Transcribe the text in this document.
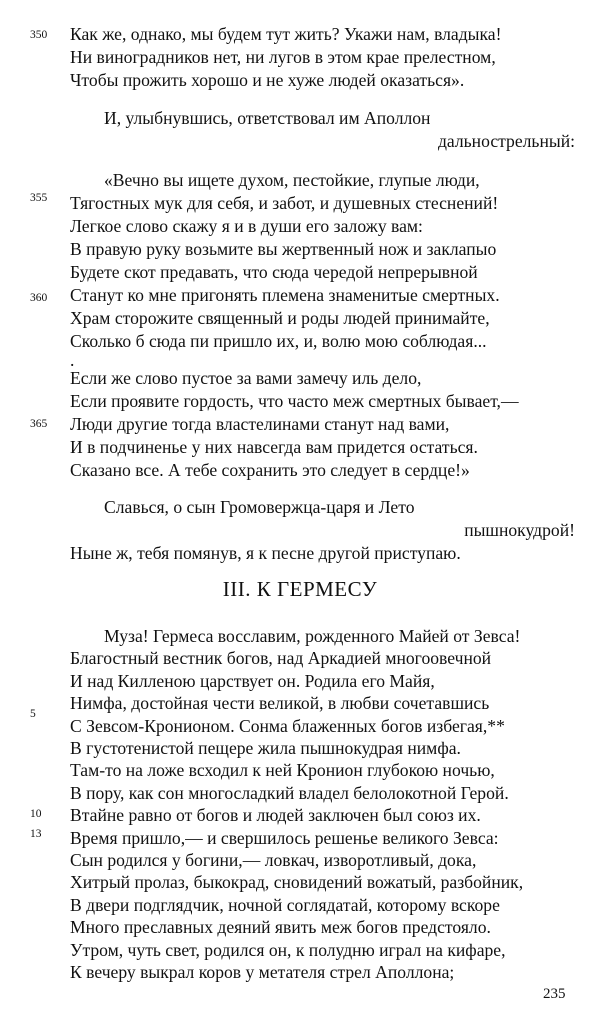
350
355
360
365
5
10
13
Как же, однако, мы будем тут жить? Укажи нам, владыка!
Ни виноградников нет, ни лугов в этом крае прелестном,
Чтобы прожить хорошо и не хуже людей оказаться».
И, улыбнувшись, ответствовал им Аполлон
дальнострельный:
«Вечно вы ищете духом, пестойкие, глупые люди,
Тягостных мук для себя, и забот, и душевных стеснений!
Легкое слово скажу я и в души его заложу вам:
В правую руку возьмите вы жертвенный нож и заклапыо
Будете скот предавать, что сюда чередой непрерывной
Станут ко мне пригонять племена знаменитые смертных.
Храм сторожите священный и роды людей принимайте,
Сколько б сюда пи пришло их, и, волю мою соблюдая...
.
Если же слово пустое за вами замечу иль дело,
Если проявите гордость, что часто меж смертных бывает,—
Люди другие тогда властелинами станут над вами,
И в подчиненье у них навсегда вам придется остаться.
Сказано все. А тебе сохранить это следует в сердце!»
Славься, о сын Громовержца-царя и Лето
пышнокудрой!
Ныне ж, тебя помянув, я к песне другой приступаю.
III. К ГЕРМЕСУ
Муза! Гермеса восславим, рожденного Майей от Зевса!
Благостный вестник богов, над Аркадией многоовечной
И над Килленою царствует он. Родила его Майя,
Нимфа, достойная чести великой, в любви сочетавшись
С Зевсом-Кронионом. Сонма блаженных богов избегая,**
В густотенистой пещере жила пышнокудрая нимфа.
Там-то на ложе всходил к ней Кронион глубокою ночью,
В пору, как сон многосладкий владел белолокотной Герой.
Втайне равно от богов и людей заключен был союз их.
Время пришло,— и свершилось решенье великого Зевса:
Сын родился у богини,— ловкач, изворотливый, дока,
Хитрый пролаз, быкокрад, сновидений вожатый, разбойник,
В двери подглядчик, ночной соглядатай, которому вскоре
Много преславных деяний явить меж богов предстояло.
Утром, чуть свет, родился он, к полудню играл на кифаре,
К вечеру выкрал коров у метателя стрел Аполлона;
235
